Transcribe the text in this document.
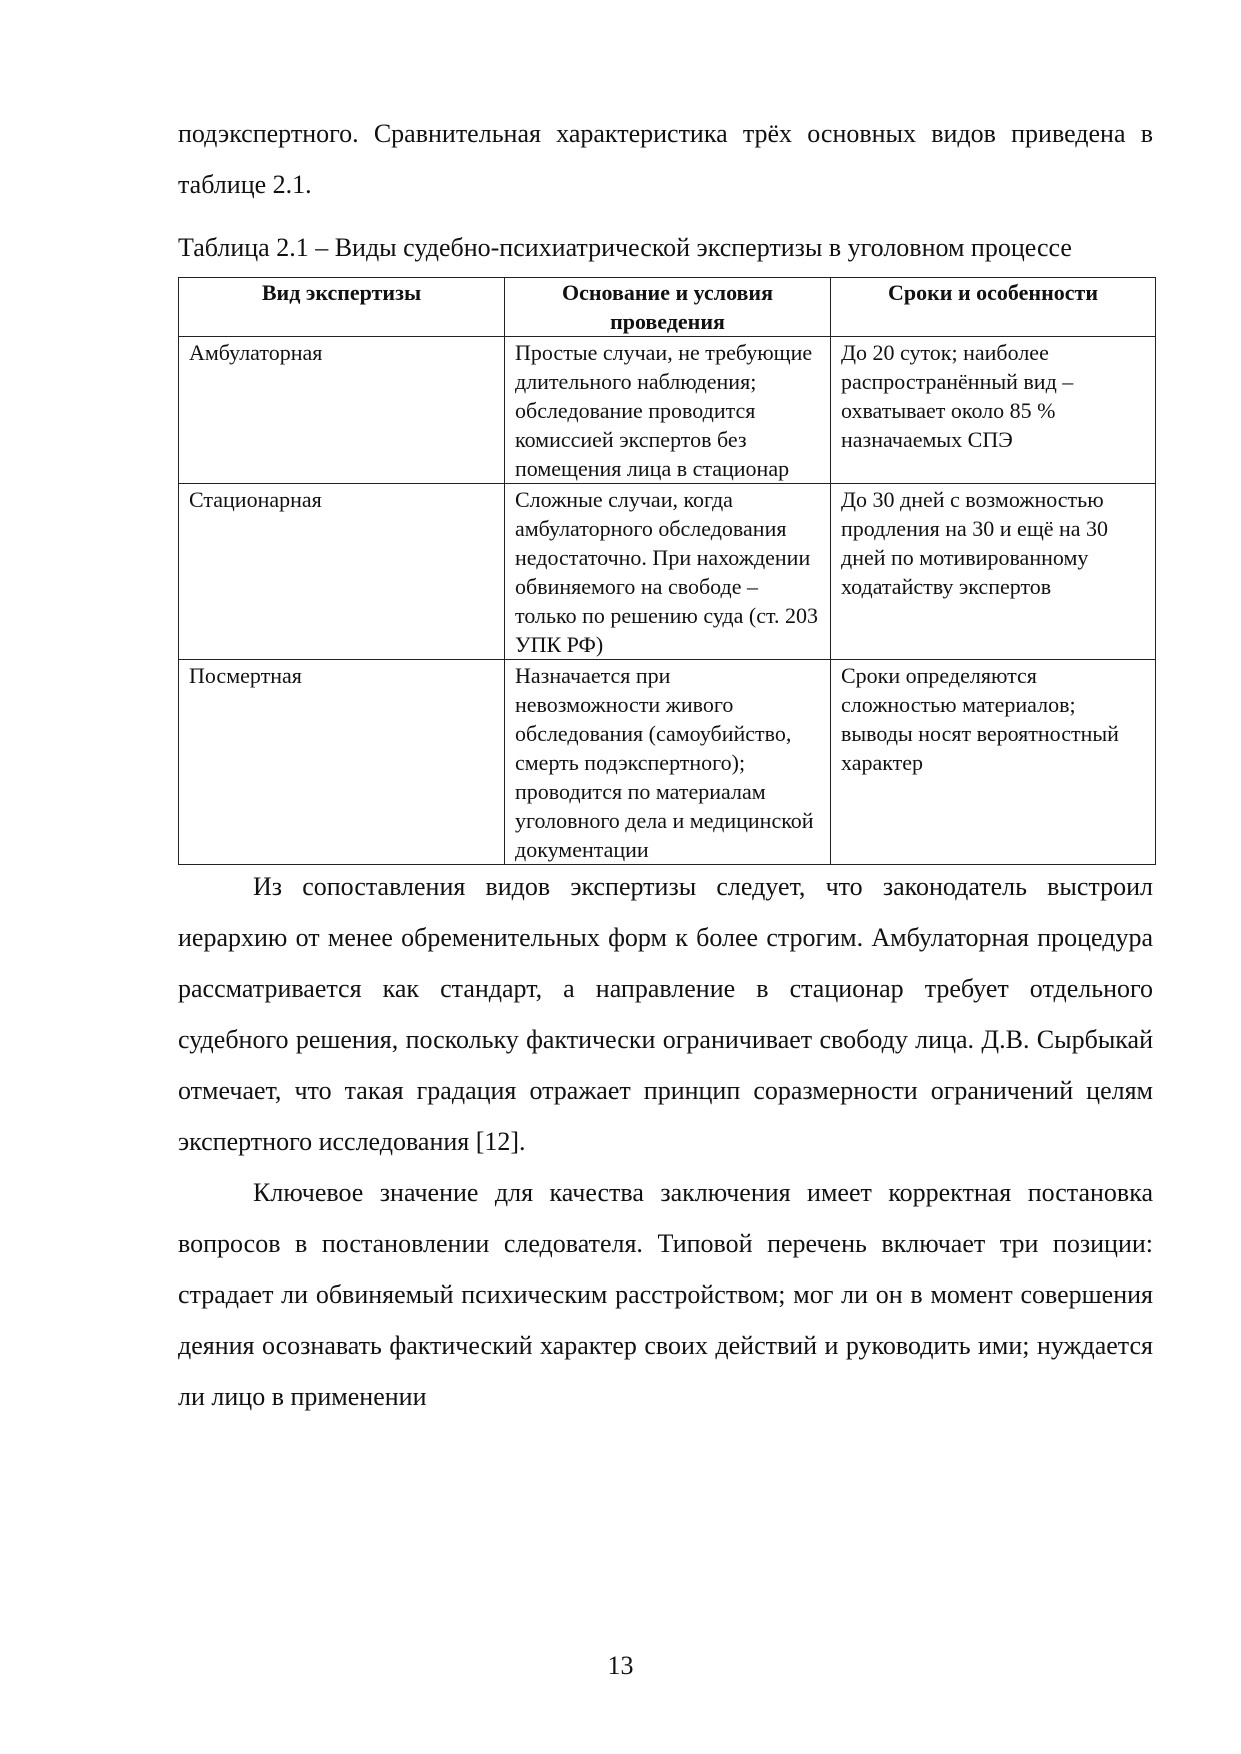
подэкспертного. Сравнительная характеристика трёх основных видов приведена в таблице 2.1.

Таблица 2.1 – Виды судебно-психиатрической экспертизы в уголовном процессе

Вид экспертизы	Основание и условия проведения	Сроки и особенности
Амбулаторная	Простые случаи, не требующие длительного наблюдения; обследование проводится комиссией экспертов без помещения лица в стационар	До 20 суток; наиболее распространённый вид – охватывает около 85 % назначаемых СПЭ
Стационарная	Сложные случаи, когда амбулаторного обследования недостаточно. При нахождении обвиняемого на свободе – только по решению суда (ст. 203 УПК РФ)	До 30 дней с возможностью продления на 30 и ещё на 30 дней по мотивированному ходатайству экспертов
Посмертная	Назначается при невозможности живого обследования (самоубийство, смерть подэкспертного); проводится по материалам уголовного дела и медицинской документации	Сроки определяются сложностью материалов; выводы носят вероятностный характер

Из сопоставления видов экспертизы следует, что законодатель выстроил иерархию от менее обременительных форм к более строгим. Амбулаторная процедура рассматривается как стандарт, а направление в стационар требует отдельного судебного решения, поскольку фактически ограничивает свободу лица. Д.В. Сырбыкай отмечает, что такая градация отражает принцип соразмерности ограничений целям экспертного исследования [12].

Ключевое значение для качества заключения имеет корректная постановка вопросов в постановлении следователя. Типовой перечень включает три позиции: страдает ли обвиняемый психическим расстройством; мог ли он в момент совершения деяния осознавать фактический характер своих действий и руководить ими; нуждается ли лицо в применении

13
